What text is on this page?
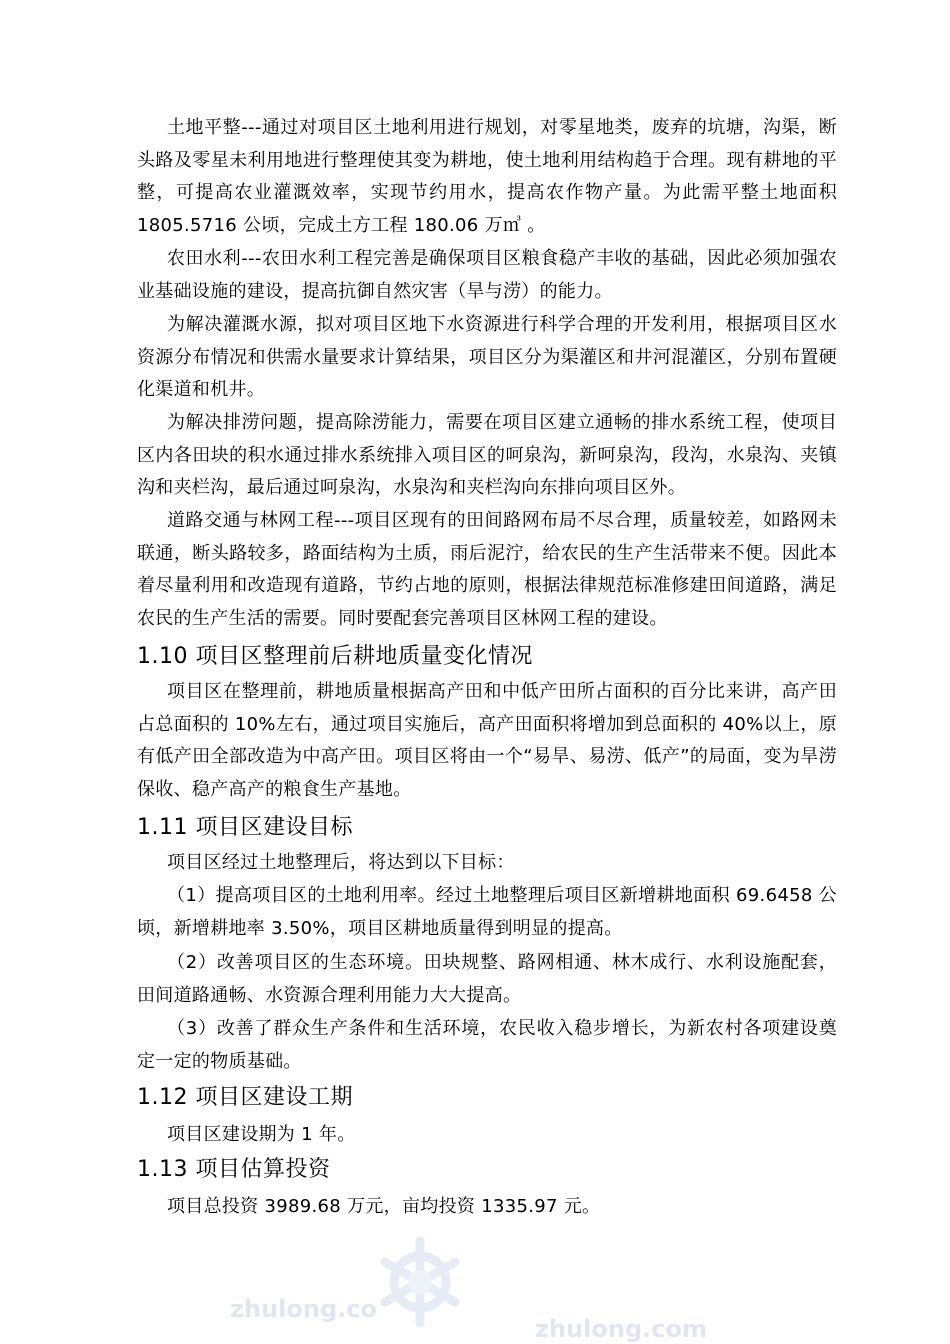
土地平整---通过对项目区土地利用进行规划，对零星地类，废弃的坑塘，沟渠，断头路及零星未利用地进行整理使其变为耕地，使土地利用结构趋于合理。现有耕地的平整，可提高农业灌溉效率，实现节约用水，提高农作物产量。为此需平整土地面积 1805.5716 公顷，完成土方工程 180.06 万㎥ 。

农田水利---农田水利工程完善是确保项目区粮食稳产丰收的基础，因此必须加强农业基础设施的建设，提高抗御自然灾害（旱与涝）的能力。

为解决灌溉水源，拟对项目区地下水资源进行科学合理的开发利用，根据项目区水资源分布情况和供需水量要求计算结果，项目区分为渠灌区和井河混灌区，分别布置硬化渠道和机井。

为解决排涝问题，提高除涝能力，需要在项目区建立通畅的排水系统工程，使项目区内各田块的积水通过排水系统排入项目区的呵泉沟，新呵泉沟，段沟，水泉沟、夹镇沟和夹栏沟，最后通过呵泉沟，水泉沟和夹栏沟向东排向项目区外。

道路交通与林网工程---项目区现有的田间路网布局不尽合理，质量较差，如路网未联通，断头路较多，路面结构为土质，雨后泥泞，给农民的生产生活带来不便。因此本着尽量利用和改造现有道路，节约占地的原则，根据法律规范标准修建田间道路，满足农民的生产生活的需要。同时要配套完善项目区林网工程的建设。

1.10 项目区整理前后耕地质量变化情况

项目区在整理前，耕地质量根据高产田和中低产田所占面积的百分比来讲，高产田占总面积的 10%左右，通过项目实施后，高产田面积将增加到总面积的 40%以上，原有低产田全部改造为中高产田。项目区将由一个“易旱、易涝、低产”的局面，变为旱涝保收、稳产高产的粮食生产基地。

1.11 项目区建设目标

项目区经过土地整理后，将达到以下目标：

（1）提高项目区的土地利用率。经过土地整理后项目区新增耕地面积 69.6458 公顷，新增耕地率 3.50%，项目区耕地质量得到明显的提高。

（2）改善项目区的生态环境。田块规整、路网相通、林木成行、水利设施配套，田间道路通畅、水资源合理利用能力大大提高。

（3）改善了群众生产条件和生活环境，农民收入稳步增长，为新农村各项建设奠定一定的物质基础。

1.12 项目区建设工期

项目区建设期为 1 年。

1.13 项目估算投资

项目总投资 3989.68 万元，亩均投资 1335.97 元。

zhulong.co
zhulong.com
